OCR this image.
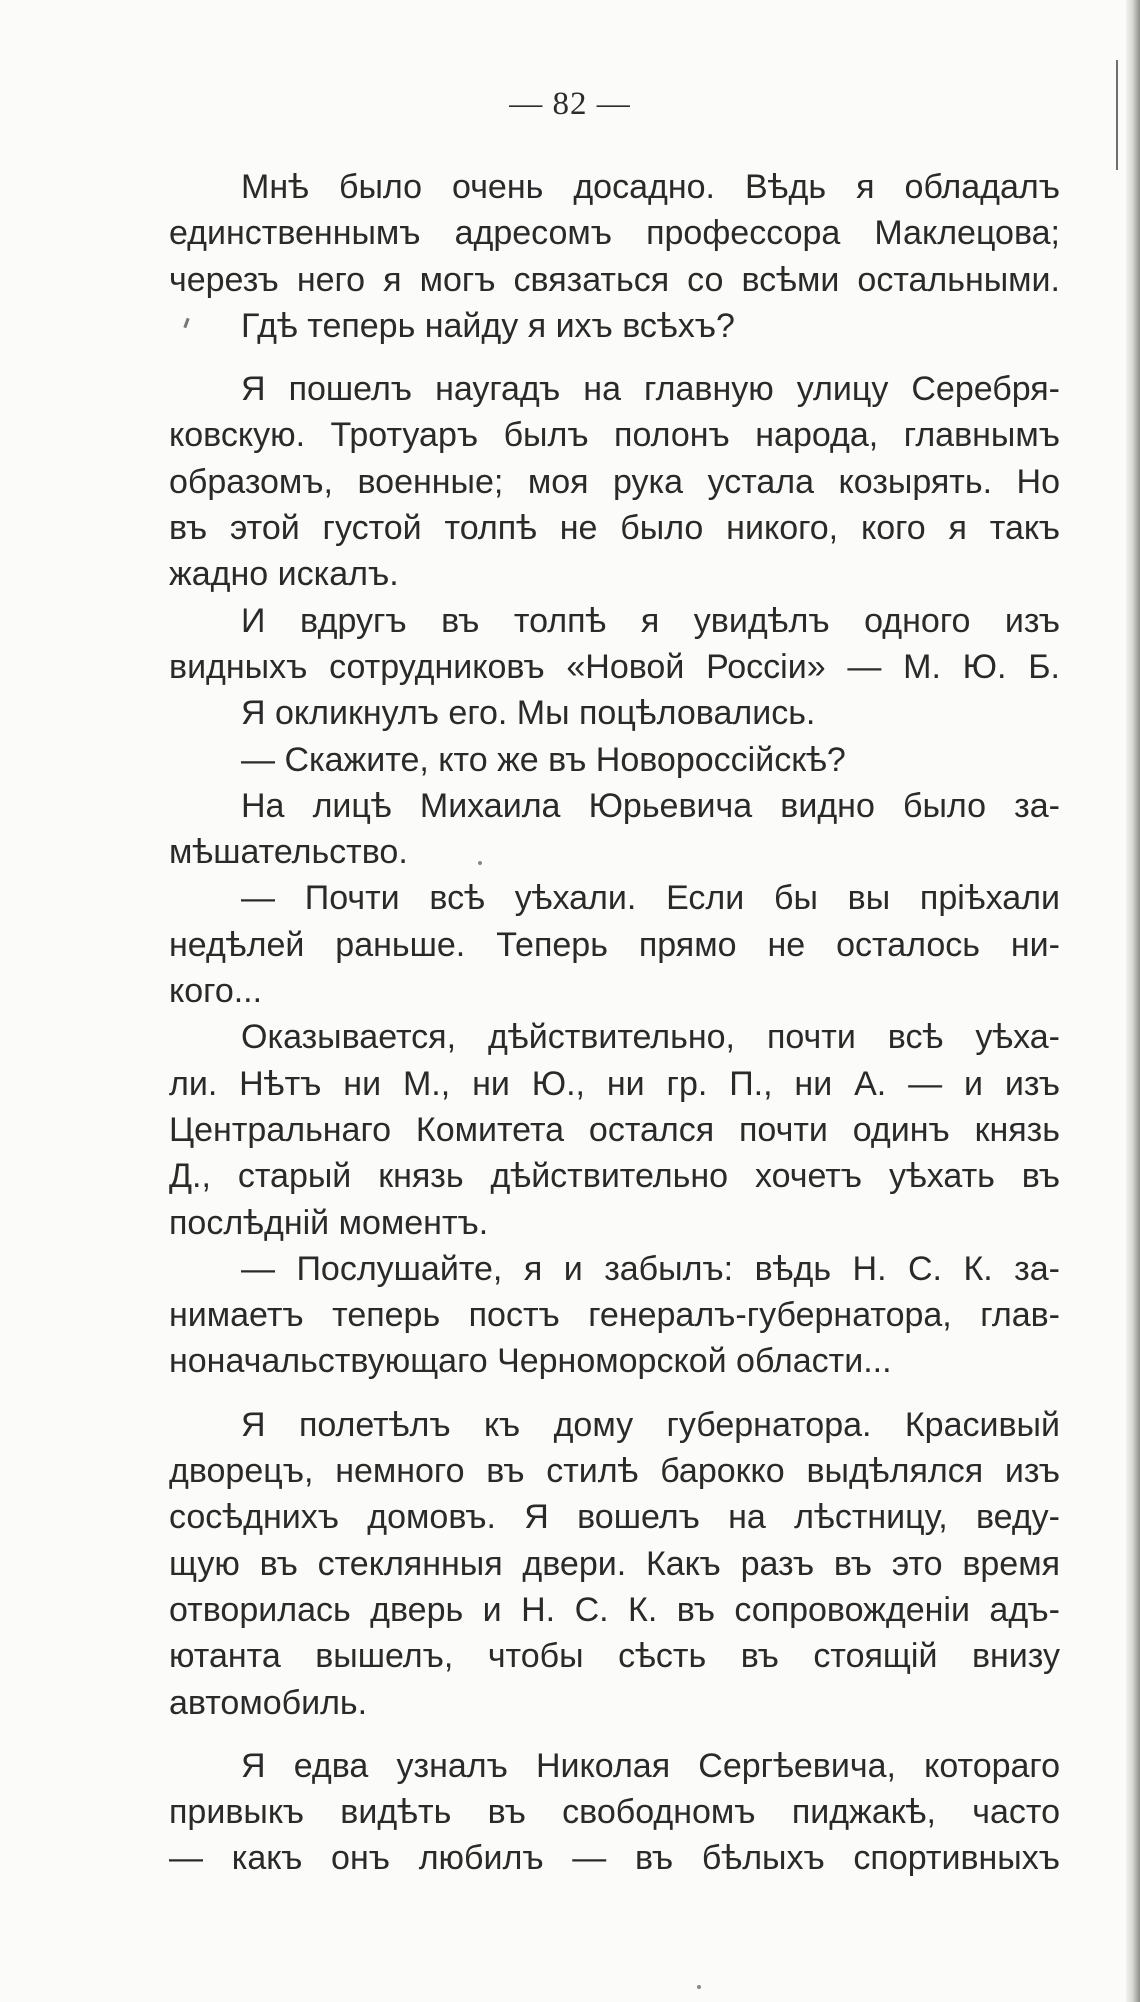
— 82 —
Мнѣ было очень досадно. Вѣдь я обладалъ
единственнымъ адресомъ профессора Маклецова;
черезъ него я могъ связаться со всѣми остальными.
Гдѣ теперь найду я ихъ всѣхъ?
Я пошелъ наугадъ на главную улицу Серебря-
ковскую. Тротуаръ былъ полонъ народа, главнымъ
образомъ, военные; моя рука устала козырять. Но
въ этой густой толпѣ не было никого, кого я такъ
жадно искалъ.
И вдругъ въ толпѣ я увидѣлъ одного изъ
видныхъ сотрудниковъ «Новой Россіи» — М. Ю. Б.
Я окликнулъ его. Мы поцѣловались.
— Скажите, кто же въ Новороссійскѣ?
На лицѣ Михаила Юрьевича видно было за-
мѣшательство.
— Почти всѣ уѣхали. Если бы вы пріѣхали
недѣлей раньше. Теперь прямо не осталось ни-
кого...
Оказывается, дѣйствительно, почти всѣ уѣха-
ли. Нѣтъ ни М., ни Ю., ни гр. П., ни А. — и изъ
Центральнаго Комитета остался почти одинъ князь
Д., старый князь дѣйствительно хочетъ уѣхать въ
послѣдній моментъ.
— Послушайте, я и забылъ: вѣдь Н. С. К. за-
нимаетъ теперь постъ генералъ-губернатора, глав-
ноначальствующаго Черноморской области...
Я полетѣлъ къ дому губернатора. Красивый
дворецъ, немного въ стилѣ барокко выдѣлялся изъ
сосѣднихъ домовъ. Я вошелъ на лѣстницу, веду-
щую въ стеклянныя двери. Какъ разъ въ это время
отворилась дверь и Н. С. К. въ сопровожденіи адъ-
ютанта вышелъ, чтобы сѣсть въ стоящій внизу
автомобиль.
Я едва узналъ Николая Сергѣевича, котораго
привыкъ видѣть въ свободномъ пиджакѣ, часто
— какъ онъ любилъ — въ бѣлыхъ спортивныхъ
